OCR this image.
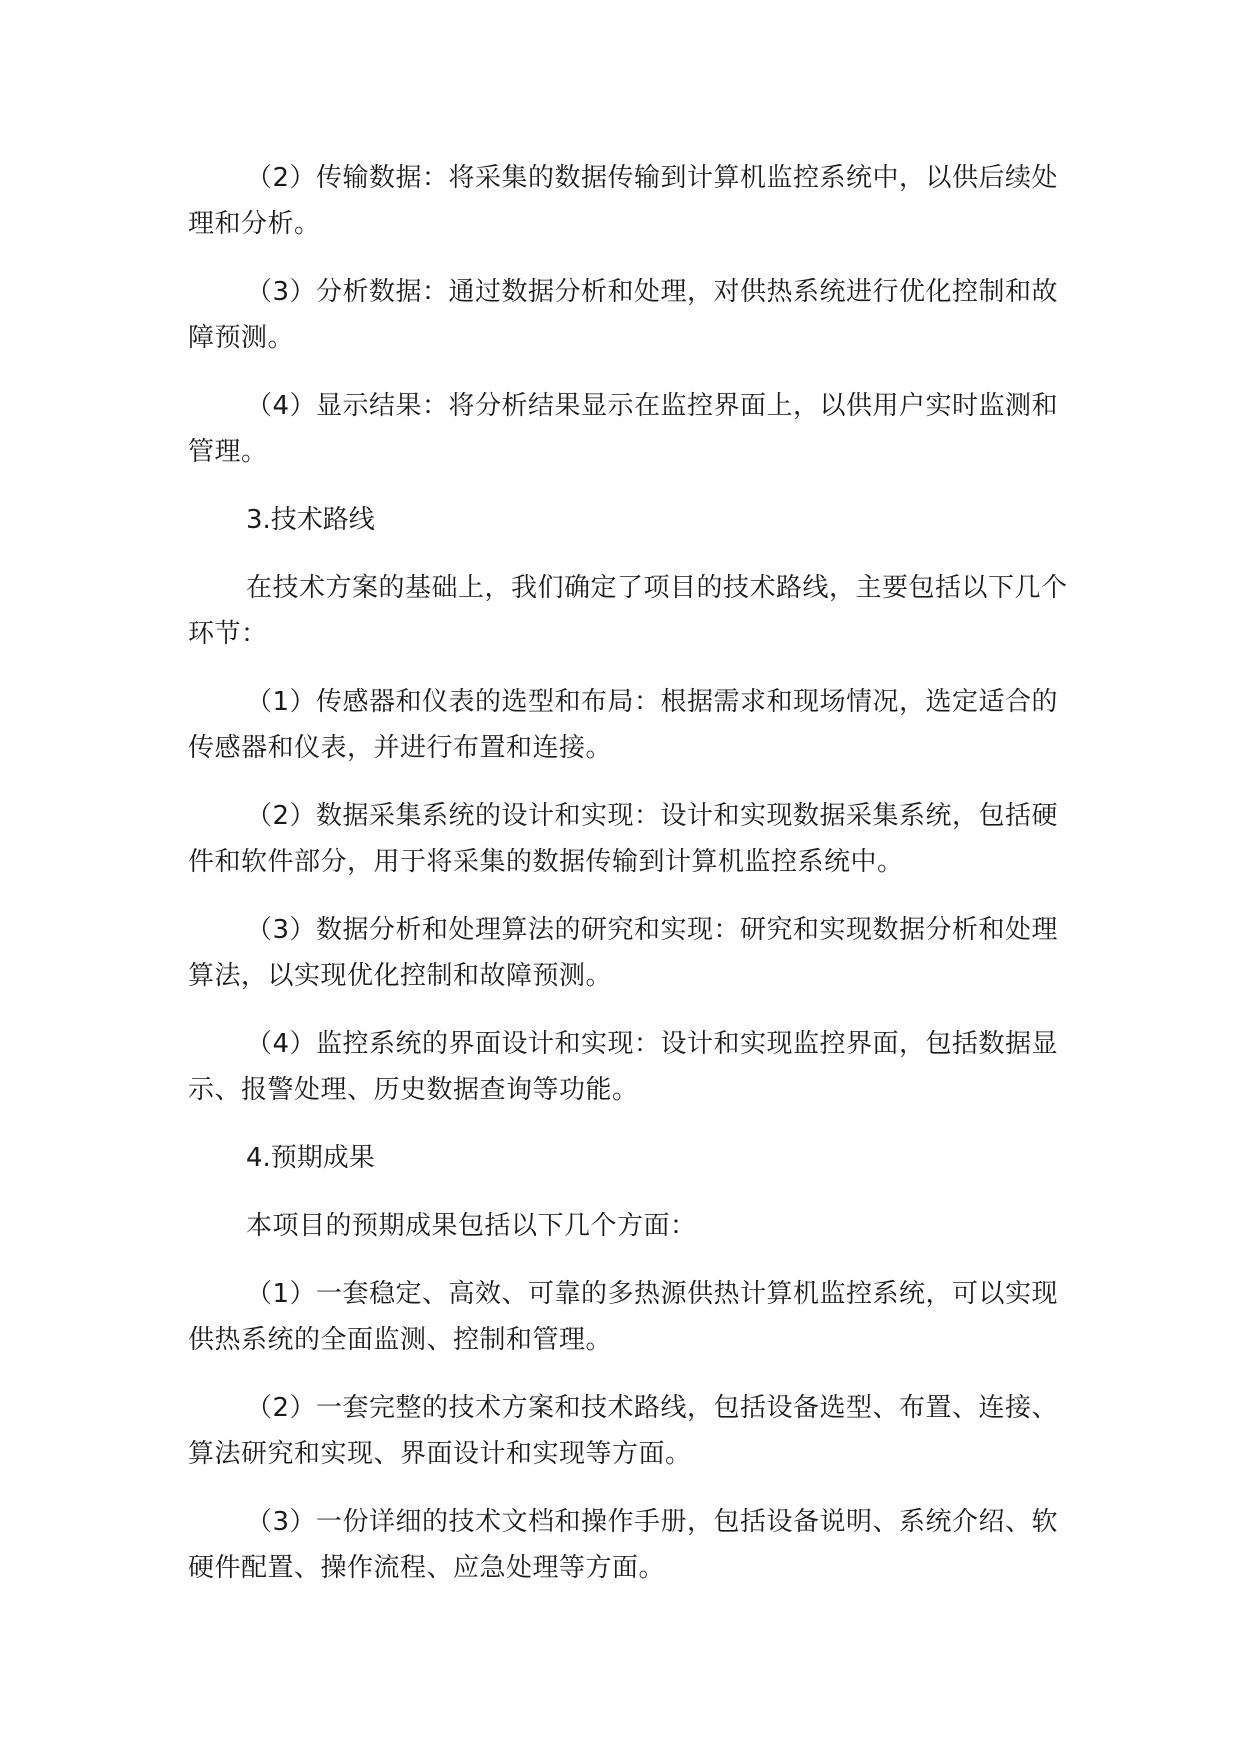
（2）传输数据：将采集的数据传输到计算机监控系统中，以供后续处理和分析。

（3）分析数据：通过数据分析和处理，对供热系统进行优化控制和故障预测。

（4）显示结果：将分析结果显示在监控界面上，以供用户实时监测和管理。

3.技术路线

在技术方案的基础上，我们确定了项目的技术路线，主要包括以下几个环节：

（1）传感器和仪表的选型和布局：根据需求和现场情况，选定适合的传感器和仪表，并进行布置和连接。

（2）数据采集系统的设计和实现：设计和实现数据采集系统，包括硬件和软件部分，用于将采集的数据传输到计算机监控系统中。

（3）数据分析和处理算法的研究和实现：研究和实现数据分析和处理算法，以实现优化控制和故障预测。

（4）监控系统的界面设计和实现：设计和实现监控界面，包括数据显示、报警处理、历史数据查询等功能。

4.预期成果

本项目的预期成果包括以下几个方面：

（1）一套稳定、高效、可靠的多热源供热计算机监控系统，可以实现供热系统的全面监测、控制和管理。

（2）一套完整的技术方案和技术路线，包括设备选型、布置、连接、算法研究和实现、界面设计和实现等方面。

（3）一份详细的技术文档和操作手册，包括设备说明、系统介绍、软硬件配置、操作流程、应急处理等方面。
